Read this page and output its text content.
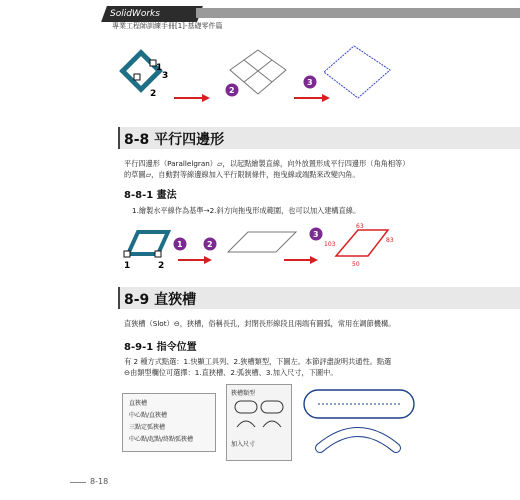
SolidWorks
專業工程師訓練手冊[1]-基礎零件篇
1
3
2	2
3
8-8 平行四邊形
平行四邊形（Parallelgran）▱，以起點繪製直線，向外放置形成平行四邊形（角角相等）的草圖▱，自動對等線邊線加入平行限制條件，拖曳線或端點來改變內角。
8-8-1 畫法
1.繪製水平線作為基準→2.斜方向拖曳形成範圍，也可以加入建構直線。
1	2
1	2
3
63
83
103
50
8-9 直狹槽
直狹槽（Slot）⊖，狹槽，俗稱長孔，封閉長形線段且兩端有圓弧，常用在調節機構。
8-9-1 指令位置
有 2 種方式點選：1.快顯工具列、2.狹槽類型，下圖左。本節評盡說明共通性。點選
⊖由類型欄位可選擇：1.直狹槽、2.弧狹槽、3.加入尺寸，下圖中。
直狹槽
中心點/直狹槽
三點定弧狹槽
中心點/起點/終點弧狹槽
狹槽類型
加入尺寸
8-18
